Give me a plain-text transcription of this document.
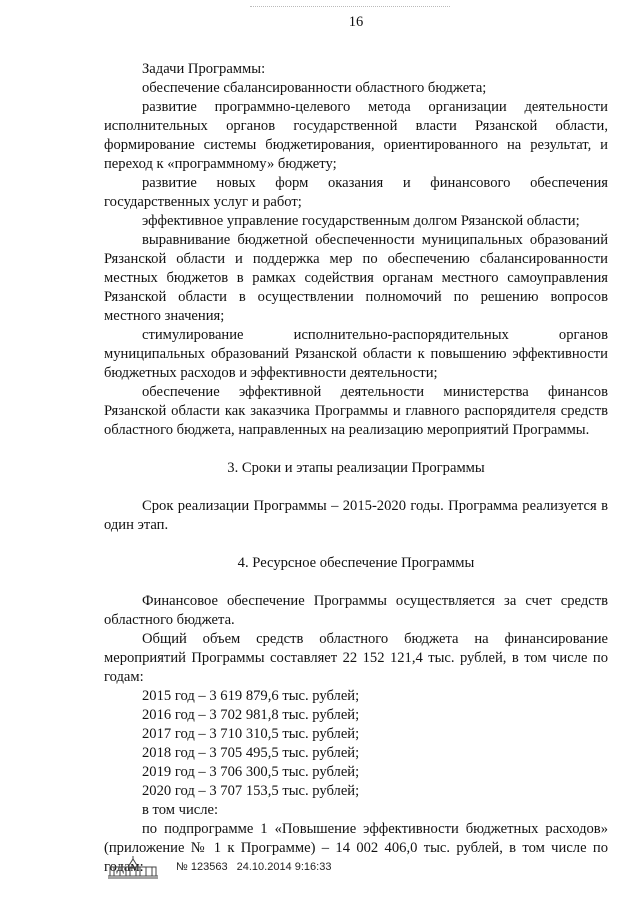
16

Задачи Программы:

обеспечение сбалансированности областного бюджета;

развитие программно-целевого метода организации деятельности исполнительных органов государственной власти Рязанской области, формирование системы бюджетирования, ориентированного на результат, и переход к «программному» бюджету;

развитие новых форм оказания и финансового обеспечения государственных услуг и работ;

эффективное управление государственным долгом Рязанской области;

выравнивание бюджетной обеспеченности муниципальных образований Рязанской области и поддержка мер по обеспечению сбалансированности местных бюджетов в рамках содействия органам местного самоуправления Рязанской области в осуществлении полномочий по решению вопросов местного значения;

стимулирование исполнительно-распорядительных органов муниципальных образований Рязанской области к повышению эффективности бюджетных расходов и эффективности деятельности;

обеспечение эффективной деятельности министерства финансов Рязанской области как заказчика Программы и главного распорядителя средств областного бюджета, направленных на реализацию мероприятий Программы.

3. Сроки и этапы реализации Программы

Срок реализации Программы – 2015-2020 годы. Программа реализуется в один этап.

4. Ресурсное обеспечение Программы

Финансовое обеспечение Программы осуществляется за счет средств областного бюджета.

Общий объем средств областного бюджета на финансирование мероприятий Программы составляет 22 152 121,4 тыс. рублей, в том числе по годам:

2015 год – 3 619 879,6 тыс. рублей;

2016 год – 3 702 981,8 тыс. рублей;

2017 год – 3 710 310,5 тыс. рублей;

2018 год – 3 705 495,5 тыс. рублей;

2019 год – 3 706 300,5 тыс. рублей;

2020 год – 3 707 153,5 тыс. рублей;

в том числе:

по подпрограмме 1 «Повышение эффективности бюджетных расходов» (приложение № 1 к Программе) – 14 002 406,0 тыс. рублей, в том числе по годам:	№ 123563 24.10.2014 9:16:33
